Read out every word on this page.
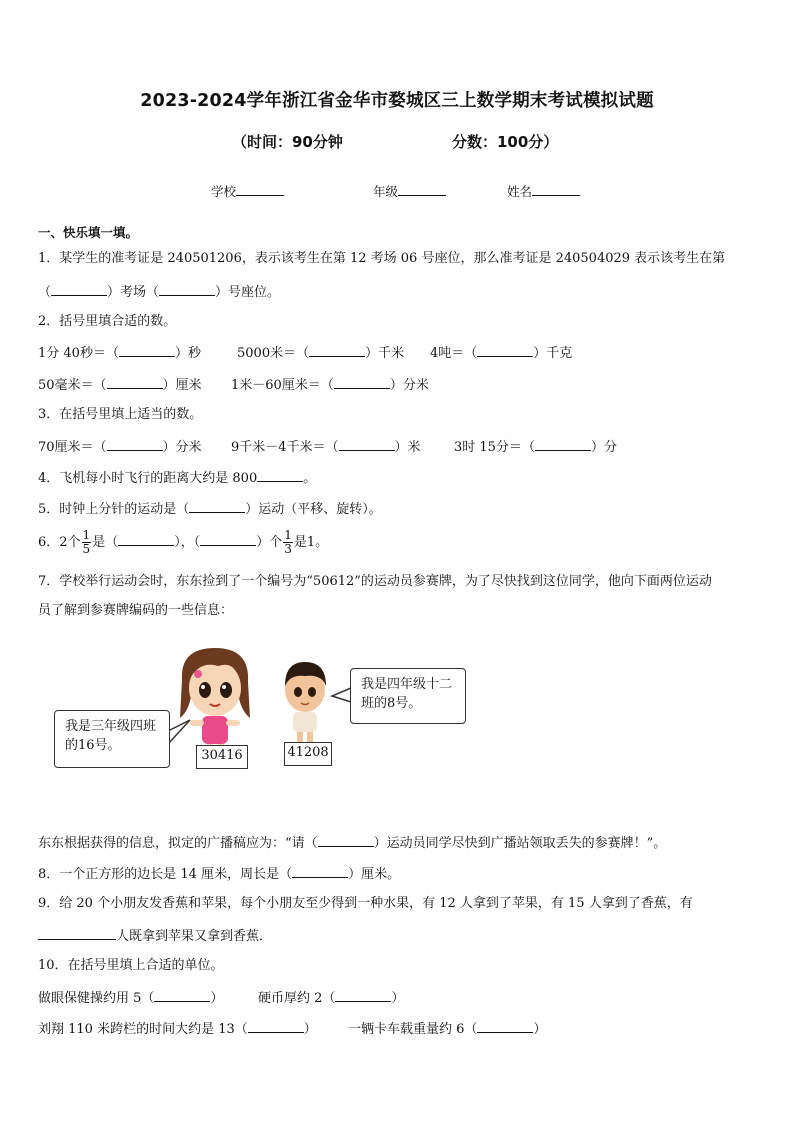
2023-2024学年浙江省金华市婺城区三上数学期末考试模拟试题
（时间：90分钟	分数：100分）
学校	年级	姓名
一、快乐填一填。
1．某学生的准考证是 240501206，表示该考生在第 12 考场 06 号座位，那么准考证是 240504029 表示该考生在第
（	）考场（	）号座位。
2．括号里填合适的数。
1分 40秒＝（	）秒	5000米＝（	）千米 4吨＝（	）千克
50毫米＝（	）厘米 1米－60厘米＝（	）分米
3．在括号里填上适当的数。
70厘米＝（	）分米 9千米－4千米＝（	）米	3时 15分＝（	）分
4．飞机每小时飞行的距离大约是 800	。
5．时钟上分针的运动是（	）运动（平移、旋转）。
6．2个 $\frac{1}{5}$ 是（	），（	）个 $\frac{1}{3}$ 是1。
7．学校举行运动会时，东东捡到了一个编号为“50612”的运动员参赛牌，为了尽快找到这位同学，他向下面两位运动
员了解到参赛牌编码的一些信息：
我是三年级四班的16号。
我是四年级十二班的8号。
30416	41208
东东根据获得的信息，拟定的广播稿应为：“请（	）运动员同学尽快到广播站领取丢失的参赛牌！”。
8．一个正方形的边长是 14 厘米，周长是（	）厘米。
9．给 20 个小朋友发香蕉和苹果，每个小朋友至少得到一种水果，有 12 人拿到了苹果，有 15 人拿到了香蕉，有
人既拿到苹果又拿到香蕉．
10．在括号里填上合适的单位。
做眼保健操约用 5（	）	硬币厚约 2（	）
刘翔 110 米跨栏的时间大约是 13（	） 一辆卡车载重量约 6（	）
